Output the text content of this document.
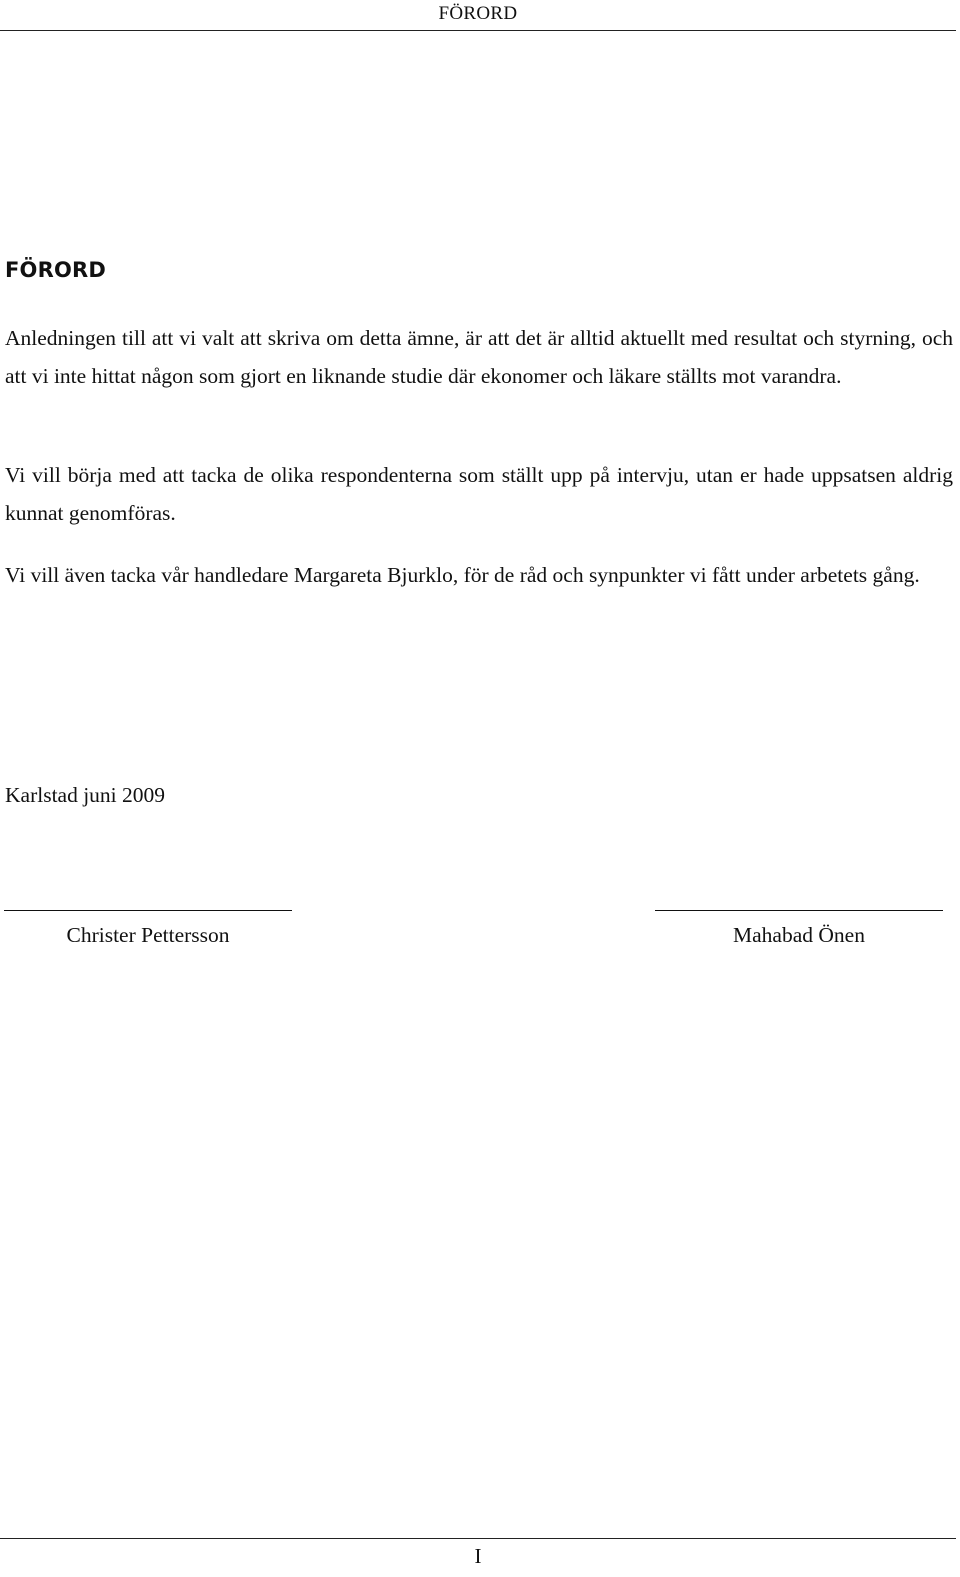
FÖRORD
FÖRORD

Anledningen till att vi valt att skriva om detta ämne, är att det är alltid aktuellt med resultat och styrning, och att vi inte hittat någon som gjort en liknande studie där ekonomer och läkare ställts mot varandra.

Vi vill börja med att tacka de olika respondenterna som ställt upp på intervju, utan er hade uppsatsen aldrig kunnat genomföras.

Vi vill även tacka vår handledare Margareta Bjurklo, för de råd och synpunkter vi fått under arbetets gång.

Karlstad juni 2009
Christer Pettersson	Mahabad Önen
I
